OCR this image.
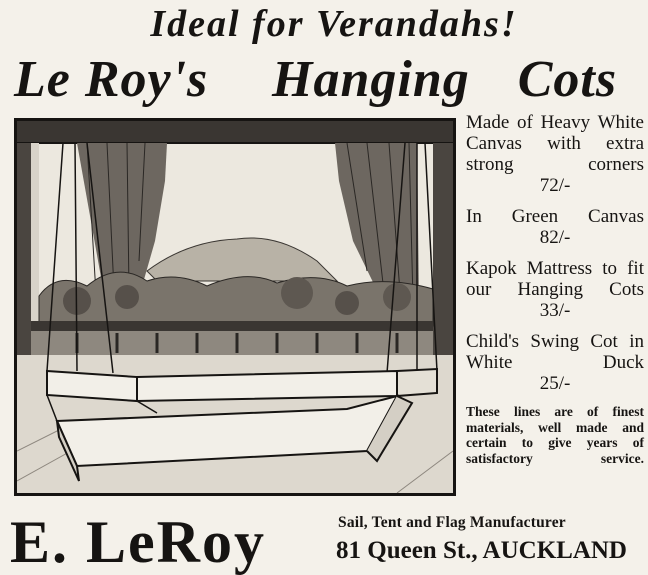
Ideal for Verandahs!
Le Roy's Hanging Cots
Made of Heavy White Canvas with extra strong corners
72/-
In Green Canvas
82/-
Kapok Mattress to fit our Hanging Cots
33/-
Child's Swing Cot in White Duck
25/-
These lines are of finest materials, well made and certain to give years of satisfactory service.
E. LeRoy	Sail, Tent and Flag Manufacturer
81 Queen St., AUCKLAND
